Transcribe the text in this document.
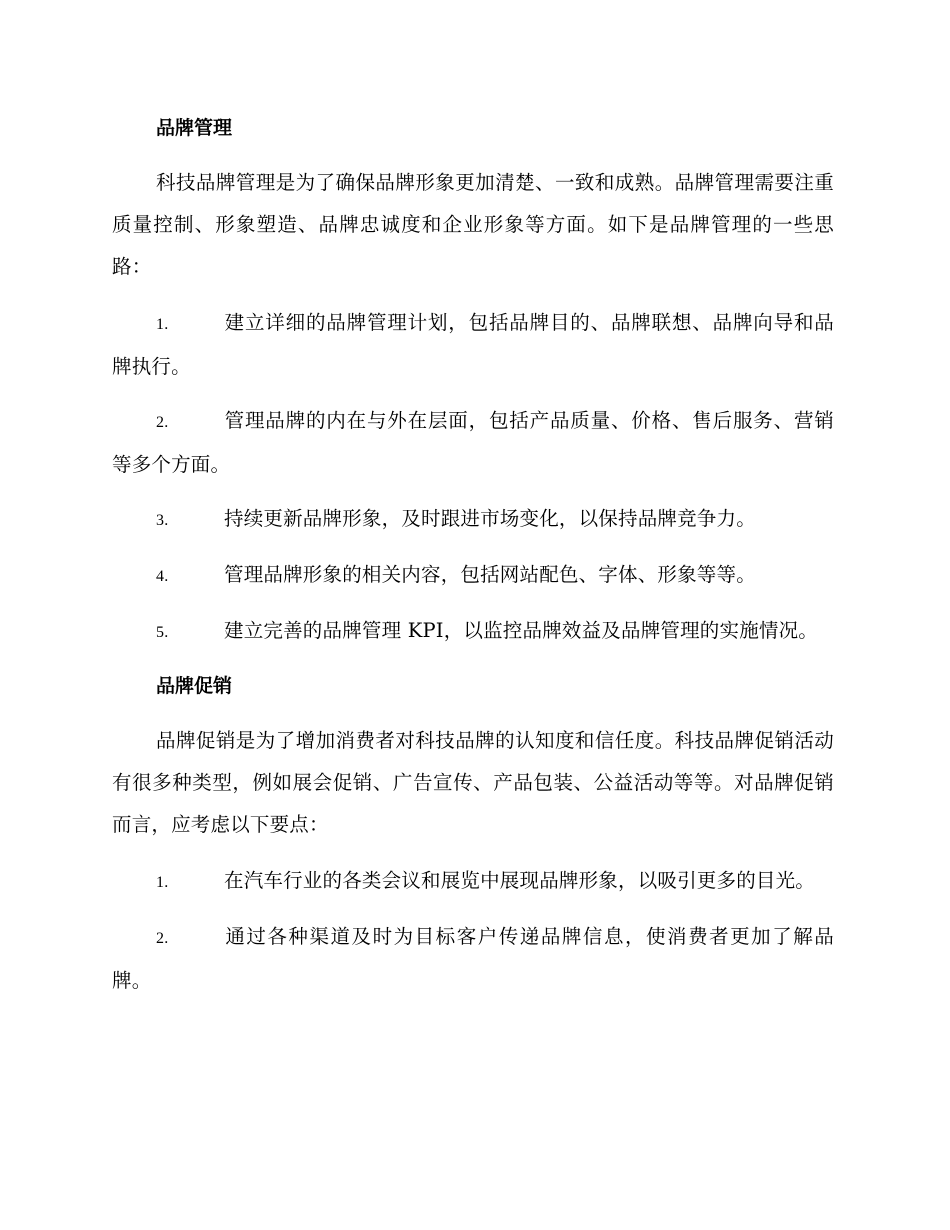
品牌管理

科技品牌管理是为了确保品牌形象更加清楚、一致和成熟。品牌管理需要注重质量控制、形象塑造、品牌忠诚度和企业形象等方面。如下是品牌管理的一些思路：

1.	建立详细的品牌管理计划，包括品牌目的、品牌联想、品牌向导和品牌执行。
2.	管理品牌的内在与外在层面，包括产品质量、价格、售后服务、营销等多个方面。
3.	持续更新品牌形象，及时跟进市场变化，以保持品牌竞争力。
4.	管理品牌形象的相关内容，包括网站配色、字体、形象等等。
5.	建立完善的品牌管理 KPI，以监控品牌效益及品牌管理的实施情况。
品牌促销

品牌促销是为了增加消费者对科技品牌的认知度和信任度。科技品牌促销活动有很多种类型，例如展会促销、广告宣传、产品包装、公益活动等等。对品牌促销而言，应考虑以下要点：

1.	在汽车行业的各类会议和展览中展现品牌形象，以吸引更多的目光。
2.	通过各种渠道及时为目标客户传递品牌信息，使消费者更加了解品牌。
